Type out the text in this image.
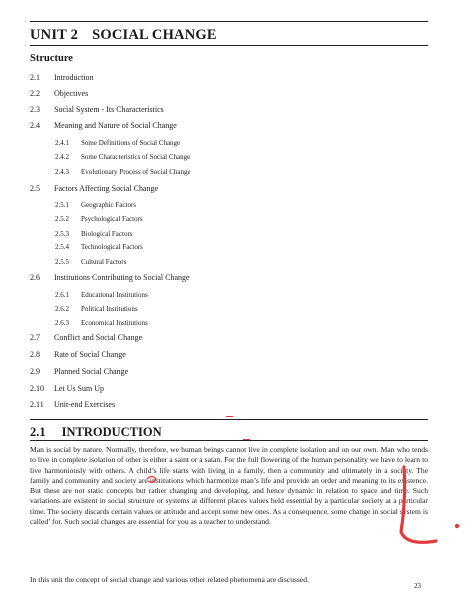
UNIT 2 SOCIAL CHANGE
Structure
2.1 Introduction
2.2 Objectives
2.3 Social System - Its Characteristics
2.4 Meaning and Nature of Social Change
2.4.1 Some Definitions of Social Change
2.4.2 Some Characteristics of Social Change
2.4.3 Evolutionary Process of Social Change
2.5 Factors Affecting Social Change
2.5.1 Geographic Factors
2.5.2 Psychological Factors
2.5.3 Biological Factors
2.5.4 Technological Factors
2.5.5 Cultural Factors
2.6 Institutions Contributing to Social Change
2.6.1 Educational Institutions
2.6.2 Political Institutions
2.6.3 Economical Institutions
2.7 Conflict and Social Change
2.8 Rate of Social Change
2.9 Planned Social Change
2.10 Let Us Sum Up
2.11 Unit-end Exercises
2.1 INTRODUCTION

Man is social by nature. Normally, therefore, we human beings cannot live in complete isolation and on our own. Man who tends to live in complete isolation of other is either a saint or a satan. For the full flowering of the human personality we have to learn to live harmoniously with others. A child’s life starts with living in a family, then a community and ultimately in a society. The family and community and society are institutions which harmonize man’s life and provide an order and meaning to its existence. But these are not static concepts but rather changing and developing, and hence dynamic in relation to space and time. Such variations are existent in social structure or systems at different places values held essential by a particular society at a particular time. The society discards certain values or attitude and accept some new ones. As a consequence, some change in social system is called’ for. Such social changes are essential for you as a teacher to understand.

In this unit the concept of social change and various other related phenomena are discussed.

23
